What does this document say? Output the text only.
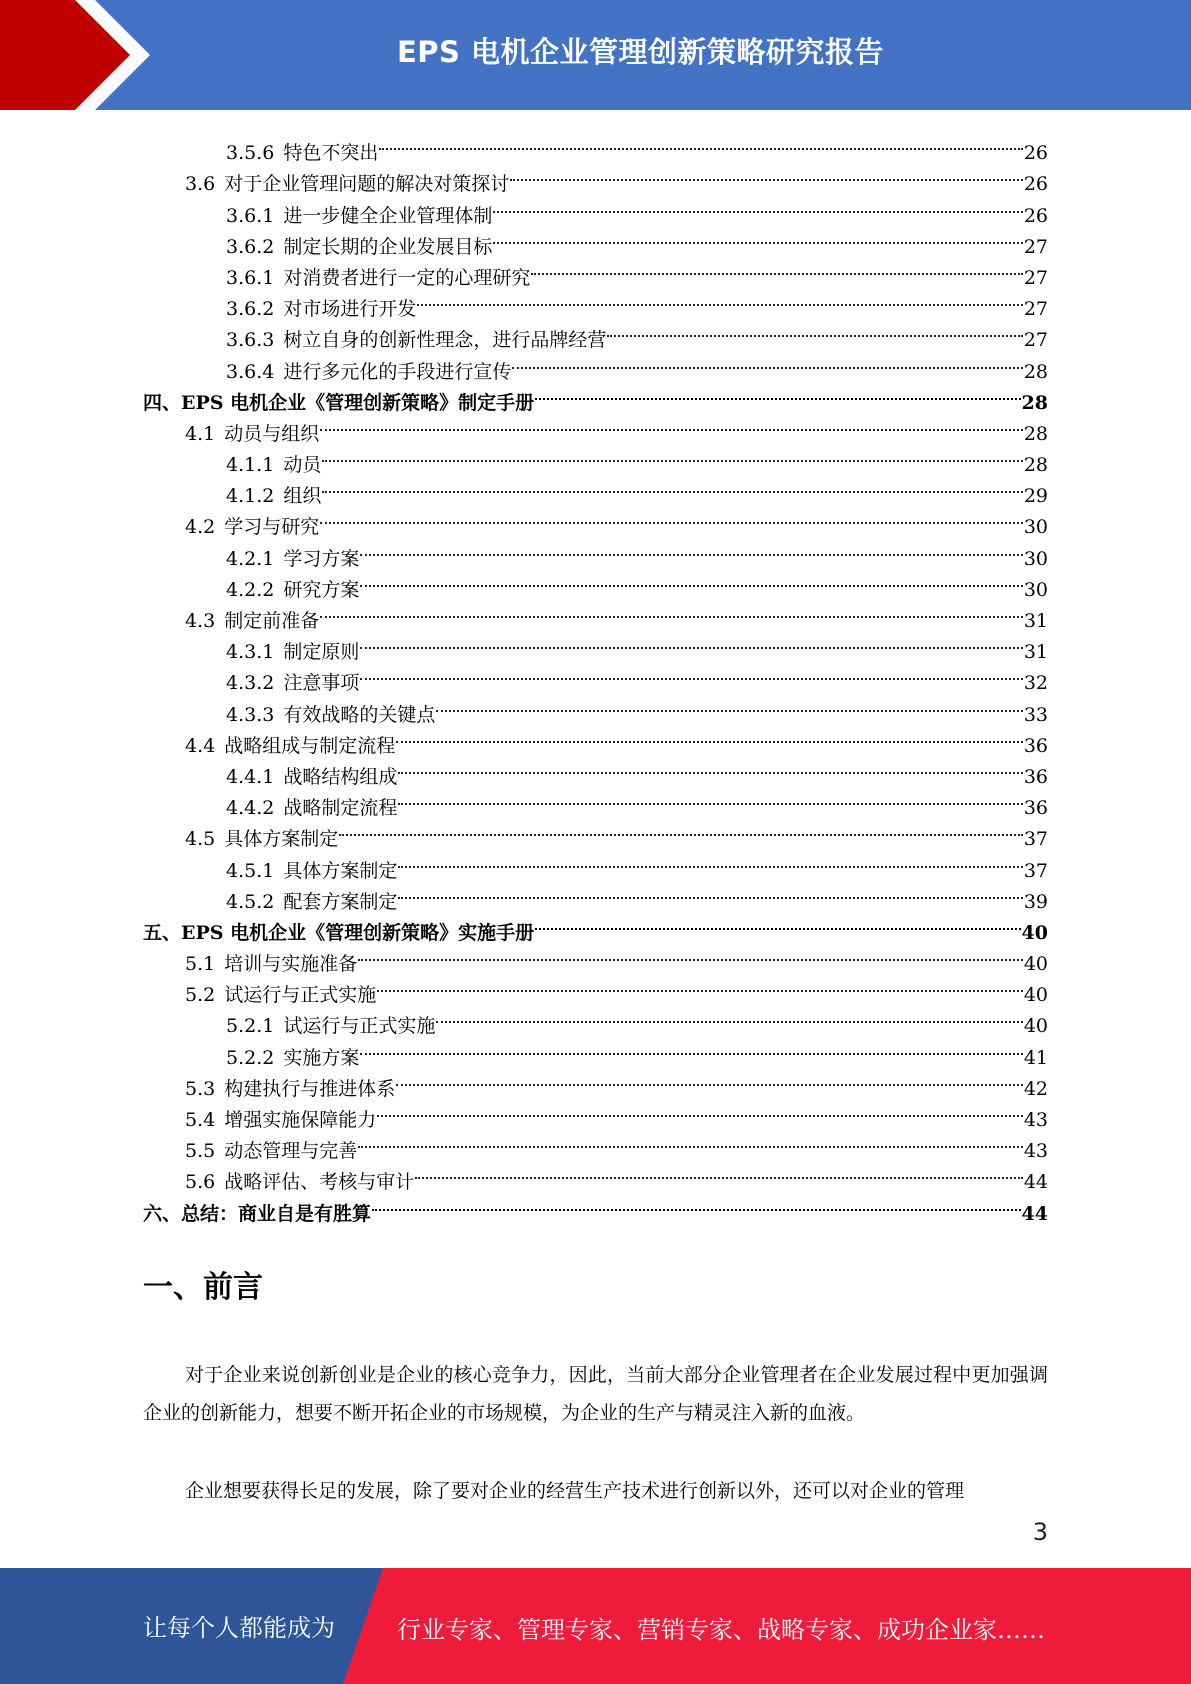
EPS 电机企业管理创新策略研究报告
3.5.6 特色不突出	26
3.6 对于企业管理问题的解决对策探讨	26
3.6.1 进一步健全企业管理体制	26
3.6.2 制定长期的企业发展目标	27
3.6.1 对消费者进行一定的心理研究	27
3.6.2 对市场进行开发	27
3.6.3 树立自身的创新性理念，进行品牌经营	27
3.6.4 进行多元化的手段进行宣传	28
四、EPS 电机企业《管理创新策略》制定手册	28
4.1 动员与组织	28
4.1.1 动员	28
4.1.2 组织	29
4.2 学习与研究	30
4.2.1 学习方案	30
4.2.2 研究方案	30
4.3 制定前准备	31
4.3.1 制定原则	31
4.3.2 注意事项	32
4.3.3 有效战略的关键点	33
4.4 战略组成与制定流程	36
4.4.1 战略结构组成	36
4.4.2 战略制定流程	36
4.5 具体方案制定	37
4.5.1 具体方案制定	37
4.5.2 配套方案制定	39
五、EPS 电机企业《管理创新策略》实施手册	40
5.1 培训与实施准备	40
5.2 试运行与正式实施	40
5.2.1 试运行与正式实施	40
5.2.2 实施方案	41
5.3 构建执行与推进体系	42
5.4 增强实施保障能力	43
5.5 动态管理与完善	43
5.6 战略评估、考核与审计	44
六、总结：商业自是有胜算	44
一、前言
对于企业来说创新创业是企业的核心竞争力，因此，当前大部分企业管理者在企业发展过程中更加强调企业的创新能力，想要不断开拓企业的市场规模，为企业的生产与精灵注入新的血液。
企业想要获得长足的发展，除了要对企业的经营生产技术进行创新以外，还可以对企业的管理
3
让每个人都能成为	行业专家、管理专家、营销专家、战略专家、成功企业家……
